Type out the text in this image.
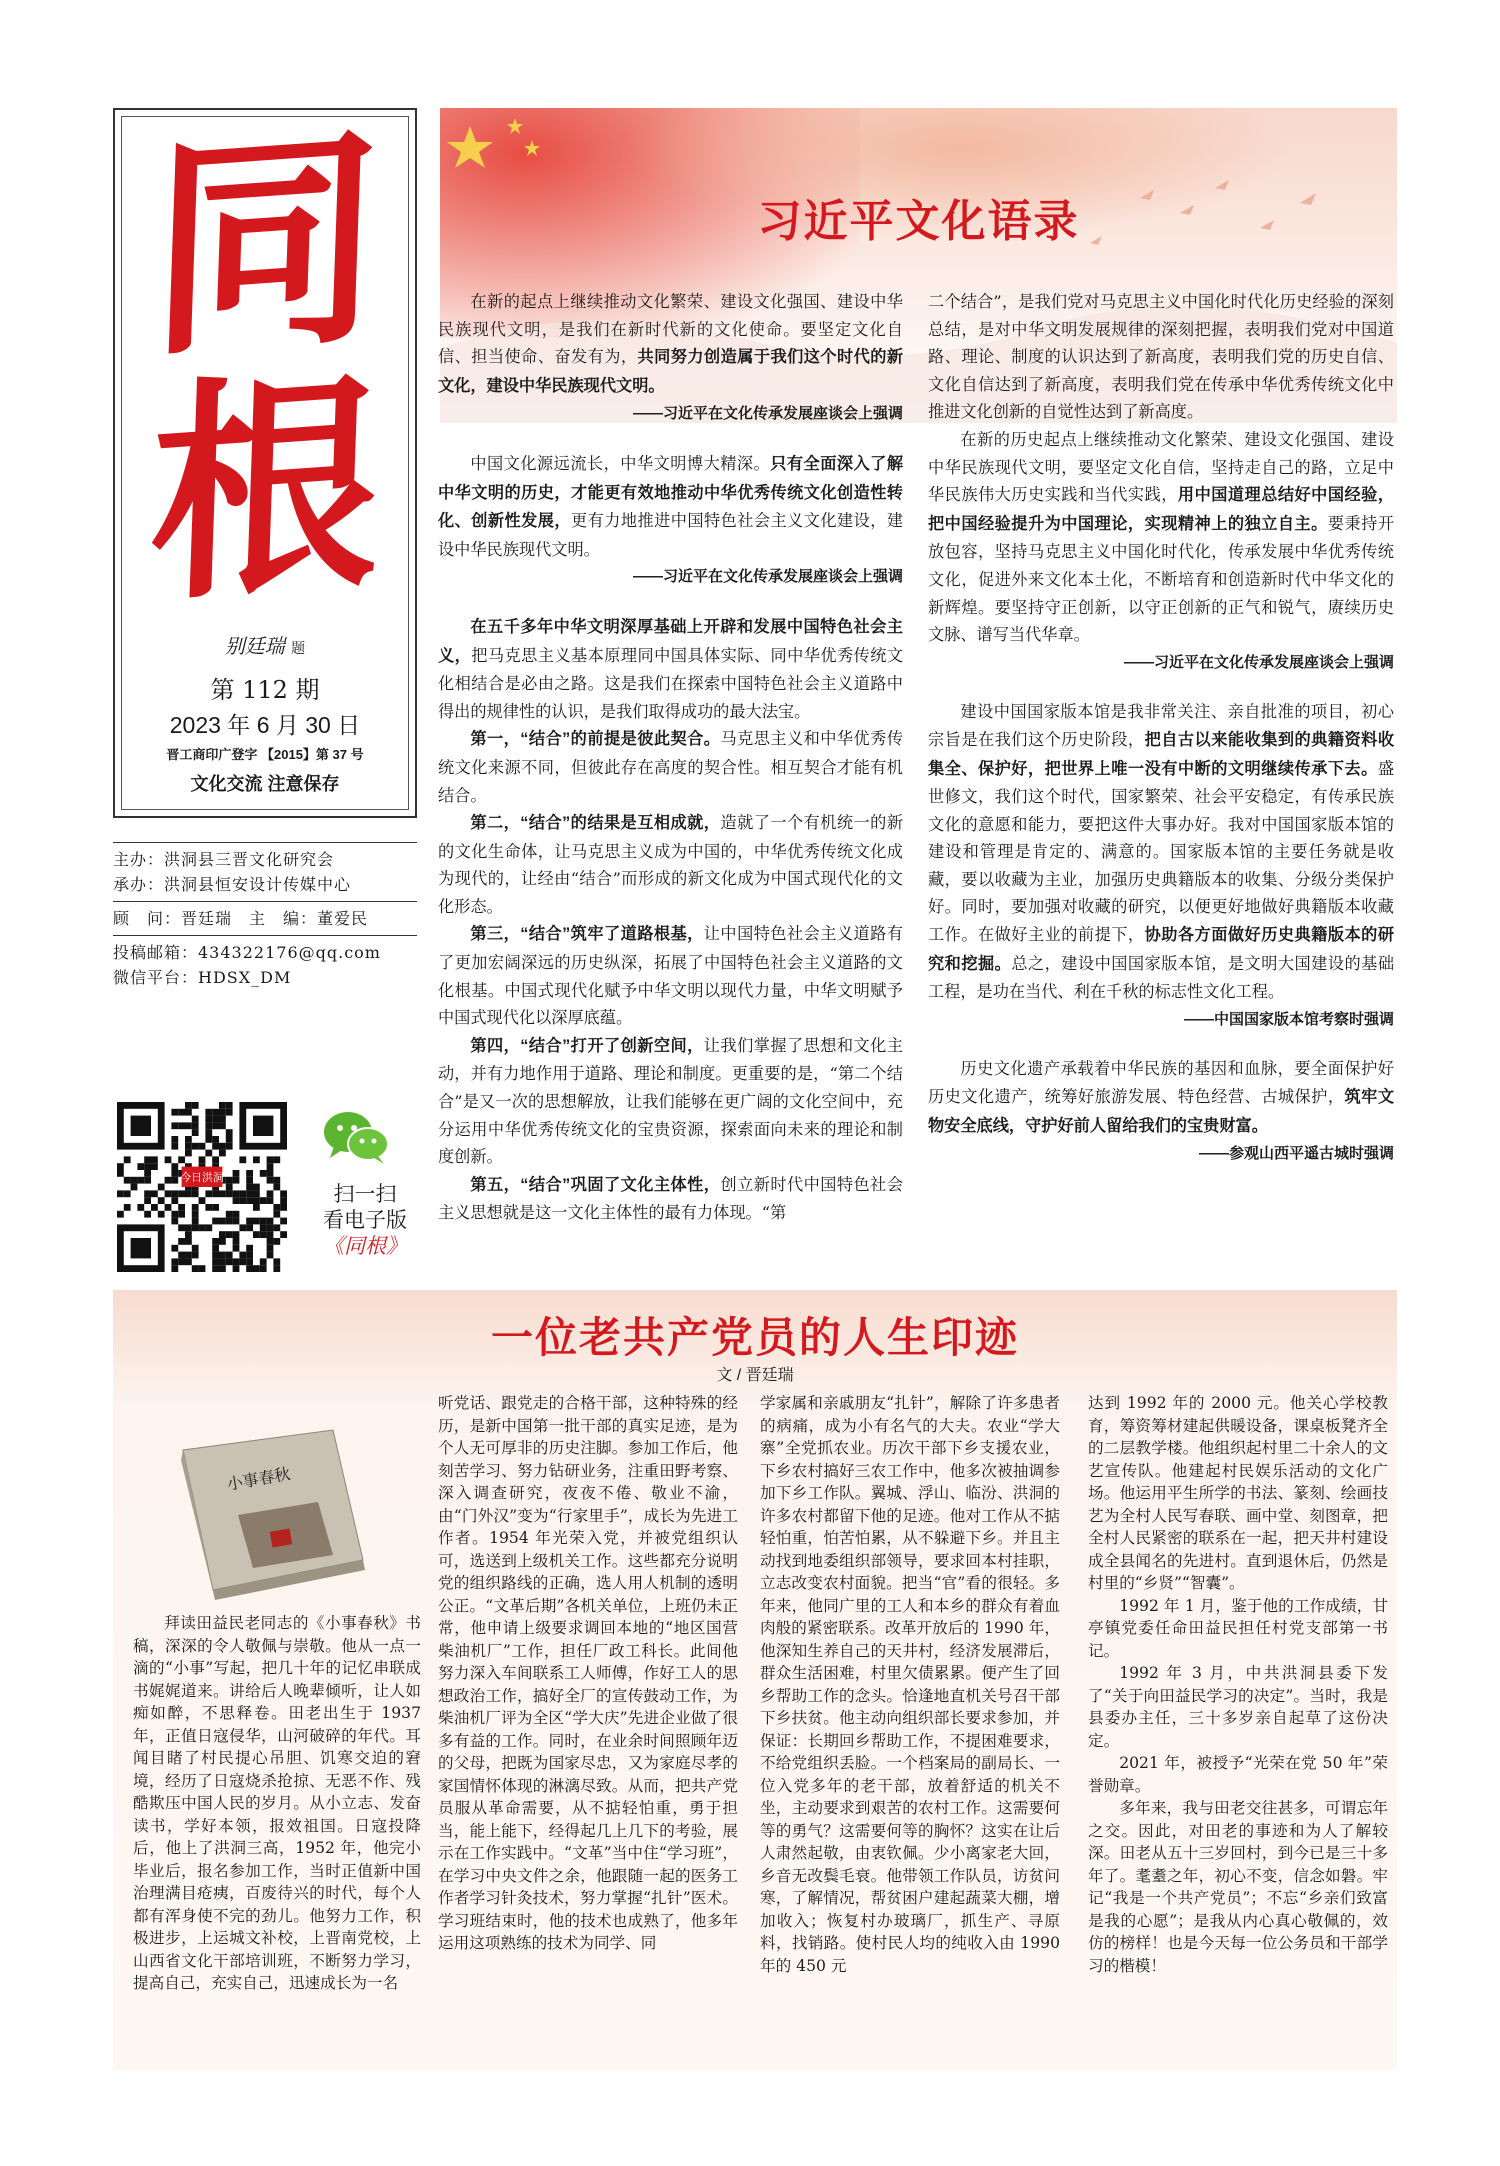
同
根
别廷瑞 题
第 112 期
2023 年 6 月 30 日
晋工商印广登字 【2015】第 37 号
文化交流 注意保存
主办：洪洞县三晋文化研究会
承办：洪洞县恒安设计传媒中心
顾　问：晋廷瑞　主　编：董爱民
投稿邮箱：434322176@qq.com
微信平台：HDSX_DM
今日洪洞
扫一扫
看电子版
《同根》
习近平文化语录

在新的起点上继续推动文化繁荣、建设文化强国、建设中华民族现代文明，是我们在新时代新的文化使命。要坚定文化自信、担当使命、奋发有为，共同努力创造属于我们这个时代的新文化，建设中华民族现代文明。

——习近平在文化传承发展座谈会上强调

中国文化源远流长，中华文明博大精深。只有全面深入了解中华文明的历史，才能更有效地推动中华优秀传统文化创造性转化、创新性发展，更有力地推进中国特色社会主义文化建设，建设中华民族现代文明。

——习近平在文化传承发展座谈会上强调

在五千多年中华文明深厚基础上开辟和发展中国特色社会主义，把马克思主义基本原理同中国具体实际、同中华优秀传统文化相结合是必由之路。这是我们在探索中国特色社会主义道路中得出的规律性的认识，是我们取得成功的最大法宝。

第一，“结合”的前提是彼此契合。马克思主义和中华优秀传统文化来源不同，但彼此存在高度的契合性。相互契合才能有机结合。

第二，“结合”的结果是互相成就，造就了一个有机统一的新的文化生命体，让马克思主义成为中国的，中华优秀传统文化成为现代的，让经由“结合”而形成的新文化成为中国式现代化的文化形态。

第三，“结合”筑牢了道路根基，让中国特色社会主义道路有了更加宏阔深远的历史纵深，拓展了中国特色社会主义道路的文化根基。中国式现代化赋予中华文明以现代力量，中华文明赋予中国式现代化以深厚底蕴。

第四，“结合”打开了创新空间，让我们掌握了思想和文化主动，并有力地作用于道路、理论和制度。更重要的是，“第二个结合”是又一次的思想解放，让我们能够在更广阔的文化空间中，充分运用中华优秀传统文化的宝贵资源，探索面向未来的理论和制度创新。

第五，“结合”巩固了文化主体性，创立新时代中国特色社会主义思想就是这一文化主体性的最有力体现。“第

二个结合”，是我们党对马克思主义中国化时代化历史经验的深刻总结，是对中华文明发展规律的深刻把握，表明我们党对中国道路、理论、制度的认识达到了新高度，表明我们党的历史自信、文化自信达到了新高度，表明我们党在传承中华优秀传统文化中推进文化创新的自觉性达到了新高度。

在新的历史起点上继续推动文化繁荣、建设文化强国、建设中华民族现代文明，要坚定文化自信，坚持走自己的路，立足中华民族伟大历史实践和当代实践，用中国道理总结好中国经验，把中国经验提升为中国理论，实现精神上的独立自主。要秉持开放包容，坚持马克思主义中国化时代化，传承发展中华优秀传统文化，促进外来文化本土化，不断培育和创造新时代中华文化的新辉煌。要坚持守正创新，以守正创新的正气和锐气，赓续历史文脉、谱写当代华章。

——习近平在文化传承发展座谈会上强调

建设中国国家版本馆是我非常关注、亲自批准的项目，初心宗旨是在我们这个历史阶段，把自古以来能收集到的典籍资料收集全、保护好，把世界上唯一没有中断的文明继续传承下去。盛世修文，我们这个时代，国家繁荣、社会平安稳定，有传承民族文化的意愿和能力，要把这件大事办好。我对中国国家版本馆的建设和管理是肯定的、满意的。国家版本馆的主要任务就是收藏，要以收藏为主业，加强历史典籍版本的收集、分级分类保护好。同时，要加强对收藏的研究，以便更好地做好典籍版本收藏工作。在做好主业的前提下，协助各方面做好历史典籍版本的研究和挖掘。总之，建设中国国家版本馆，是文明大国建设的基础工程，是功在当代、利在千秋的标志性文化工程。

——中国国家版本馆考察时强调

历史文化遗产承载着中华民族的基因和血脉，要全面保护好历史文化遗产，统筹好旅游发展、特色经营、古城保护，筑牢文物安全底线，守护好前人留给我们的宝贵财富。

——参观山西平遥古城时强调

一位老共产党员的人生印迹
文 / 晋廷瑞
小事春秋

拜读田益民老同志的《小事春秋》书稿，深深的令人敬佩与崇敬。他从一点一滴的“小事”写起，把几十年的记忆串联成书娓娓道来。讲给后人晚辈倾听，让人如痴如醉，不思释卷。田老出生于 1937 年，正值日寇侵华，山河破碎的年代。耳闻目睹了村民提心吊胆、饥寒交迫的窘境，经历了日寇烧杀抢掠、无恶不作、残酷欺压中国人民的岁月。从小立志、发奋读书，学好本领，报效祖国。日寇投降后，他上了洪洞三高，1952 年，他完小毕业后，报名参加工作，当时正值新中国治理满目疮痍，百废待兴的时代，每个人都有浑身使不完的劲儿。他努力工作，积极进步，上运城文补校，上晋南党校，上山西省文化干部培训班，不断努力学习，提高自己，充实自己，迅速成长为一名

听党话、跟党走的合格干部，这种特殊的经历，是新中国第一批干部的真实足迹，是为个人无可厚非的历史注脚。参加工作后，他刻苦学习、努力钻研业务，注重田野考察、深入调查研究，夜夜不倦、敬业不渝，由“门外汉”变为“行家里手”，成长为先进工作者。1954 年光荣入党，并被党组织认可，选送到上级机关工作。这些都充分说明党的组织路线的正确，选人用人机制的透明公正。“文革后期”各机关单位，上班仍未正常，他申请上级要求调回本地的“地区国营柴油机厂”工作，担任厂政工科长。此间他努力深入车间联系工人师傅，作好工人的思想政治工作，搞好全厂的宣传鼓动工作，为柴油机厂评为全区“学大庆”先进企业做了很多有益的工作。同时，在业余时间照顾年迈的父母，把既为国家尽忠，又为家庭尽孝的家国情怀体现的淋漓尽致。从而，把共产党员服从革命需要，从不掂轻怕重，勇于担当，能上能下，经得起几上几下的考验，展示在工作实践中。“文革”当中住“学习班”，在学习中央文件之余，他跟随一起的医务工作者学习针灸技术，努力掌握“扎针”医术。学习班结束时，他的技术也成熟了，他多年运用这项熟练的技术为同学、同

学家属和亲戚朋友“扎针”，解除了许多患者的病痛，成为小有名气的大夫。农业“学大寨”全党抓农业。历次干部下乡支援农业，下乡农村搞好三农工作中，他多次被抽调参加下乡工作队。翼城、浮山、临汾、洪洞的许多农村都留下他的足迹。他对工作从不掂轻怕重，怕苦怕累，从不躲避下乡。并且主动找到地委组织部领导，要求回本村挂职，立志改变农村面貌。把当“官”看的很轻。多年来，他同广里的工人和本乡的群众有着血肉般的紧密联系。改革开放后的 1990 年，他深知生养自己的天井村，经济发展滞后，群众生活困难，村里欠债累累。便产生了回乡帮助工作的念头。恰逢地直机关号召干部下乡扶贫。他主动向组织部长要求参加，并保证：长期回乡帮助工作，不提困难要求，不给党组织丢脸。一个档案局的副局长、一位入党多年的老干部，放着舒适的机关不坐，主动要求到艰苦的农村工作。这需要何等的勇气？这需要何等的胸怀？这实在让后人肃然起敬，由衷钦佩。少小离家老大回，乡音无改鬓毛衰。他带领工作队员，访贫问寒，了解情况，帮贫困户建起蔬菜大棚，增加收入；恢复村办玻璃厂，抓生产、寻原料，找销路。使村民人均的纯收入由 1990 年的 450 元

达到 1992 年的 2000 元。他关心学校教育，筹资筹材建起供暖设备，课桌板凳齐全的二层教学楼。他组织起村里二十余人的文艺宣传队。他建起村民娱乐活动的文化广场。他运用平生所学的书法、篆刻、绘画技艺为全村人民写春联、画中堂、刻图章，把全村人民紧密的联系在一起，把天井村建设成全县闻名的先进村。直到退休后，仍然是村里的“乡贤”“智囊”。

1992 年 1 月，鉴于他的工作成绩，甘亭镇党委任命田益民担任村党支部第一书记。

1992 年 3 月，中共洪洞县委下发了“关于向田益民学习的决定”。当时，我是县委办主任，三十多岁亲自起草了这份决定。

2021 年，被授予“光荣在党 50 年”荣誉勋章。

多年来，我与田老交往甚多，可谓忘年之交。因此，对田老的事迹和为人了解较深。田老从五十三岁回村，到今已是三十多年了。耄耋之年，初心不变，信念如磐。牢记“我是一个共产党员”；不忘“乡亲们致富是我的心愿”；是我从内心真心敬佩的，效仿的榜样！也是今天每一位公务员和干部学习的楷模！
